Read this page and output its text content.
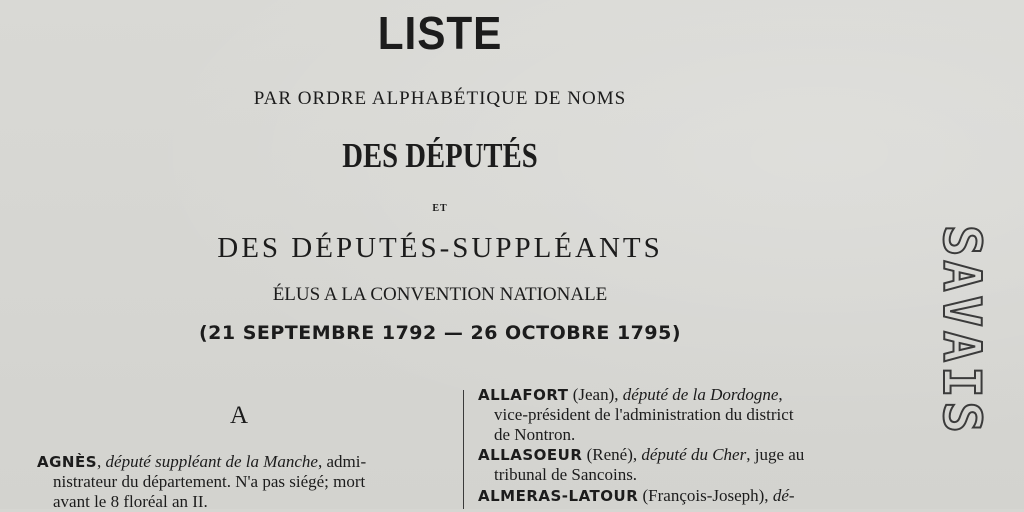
LISTE
PAR ORDRE ALPHABÉTIQUE DE NOMS
DES DÉPUTÉS
ET
DES DÉPUTÉS-SUPPLÉANTS
ÉLUS A LA CONVENTION NATIONALE
(21 SEPTEMBRE 1792 — 26 OCTOBRE 1795)
A
AGNÈS, député suppléant de la Manche, admi-
nistrateur du département. N'a pas siégé; mort
avant le 8 floréal an II.
ALLAFORT (Jean), député de la Dordogne,
vice-président de l'administration du district
de Nontron.
ALLASOEUR (René), député du Cher, juge au
tribunal de Sancoins.
ALMERAS-LATOUR (François-Joseph), dé-
SAVAIS
